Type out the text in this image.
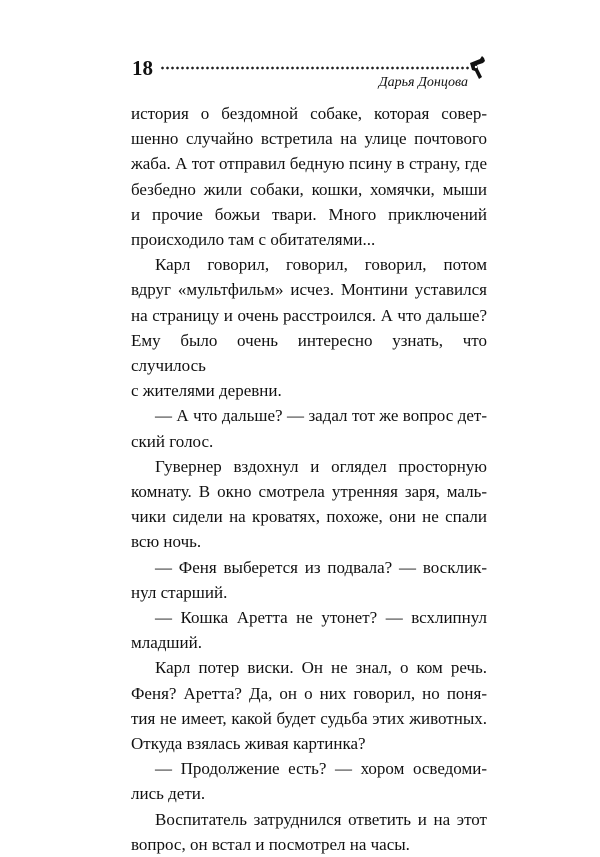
18
Дарья Донцова

история о бездомной собаке, которая совер-
шенно случайно встретила на улице почтового
жаба. А тот отправил бедную псину в страну, где
безбедно жили собаки, кошки, хомячки, мыши
и прочие божьи твари. Много приключений
происходило там с обитателями...

Карл говорил, говорил, говорил, потом
вдруг «мультфильм» исчез. Монтини уставился
на страницу и очень расстроился. А что дальше?
Ему было очень интересно узнать, что случилось
с жителями деревни.

— А что дальше? — задал тот же вопрос дет-
ский голос.

Гувернер вздохнул и оглядел просторную
комнату. В окно смотрела утренняя заря, маль-
чики сидели на кроватях, похоже, они не спали
всю ночь.

— Феня выберется из подвала? — восклик-
нул старший.

— Кошка Аретта не утонет? — всхлипнул
младший.

Карл потер виски. Он не знал, о ком речь.
Феня? Аретта? Да, он о них говорил, но поня-
тия не имеет, какой будет судьба этих животных.
Откуда взялась живая картинка?

— Продолжение есть? — хором осведоми-
лись дети.

Воспитатель затруднился ответить и на этот
вопрос, он встал и посмотрел на часы.
